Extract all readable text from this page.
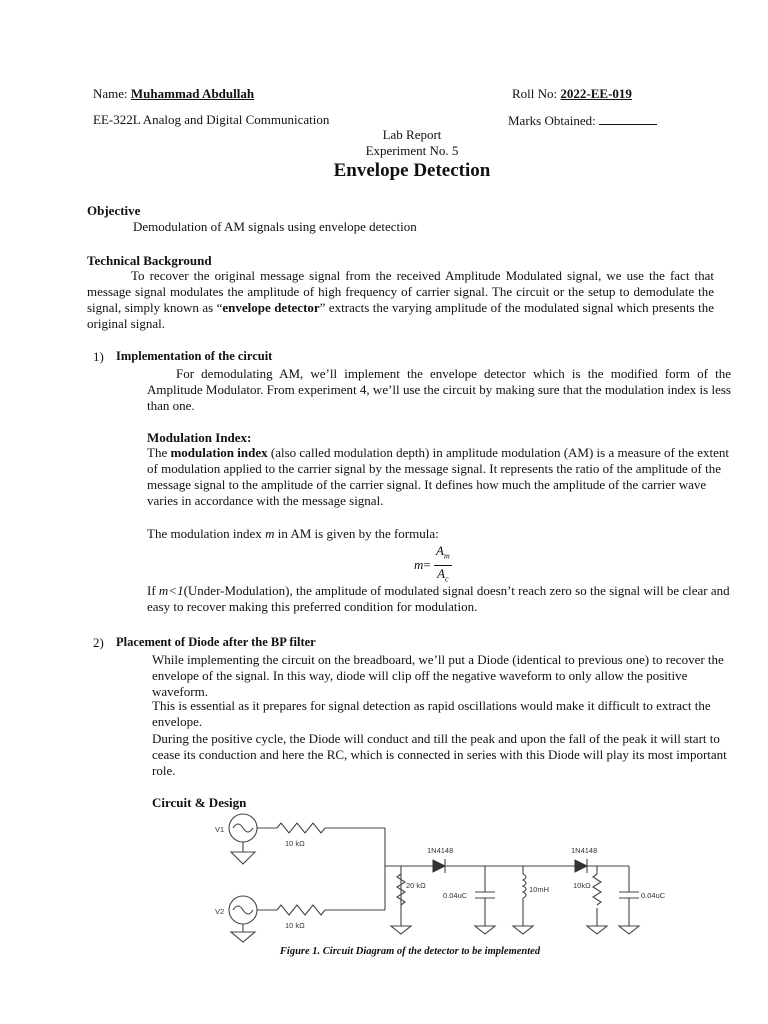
Name: Muhammad Abdullah	Roll No: 2022-EE-019
EE-322L Analog and Digital Communication	Marks Obtained:
Lab Report
Experiment No. 5
Envelope Detection
Objective
Demodulation of AM signals using envelope detection
Technical Background
To recover the original message signal from the received Amplitude Modulated signal, we use the fact that message signal modulates the amplitude of high frequency of carrier signal. The circuit or the setup to demodulate the signal, simply known as “envelope detector” extracts the varying amplitude of the modulated signal which presents the original signal.
1) Implementation of the circuit
For demodulating AM, we’ll implement the envelope detector which is the modified form of the Amplitude Modulator. From experiment 4, we’ll use the circuit by making sure that the modulation index is less than one.
Modulation Index:
The modulation index (also called modulation depth) in amplitude modulation (AM) is a measure of the extent of modulation applied to the carrier signal by the message signal. It represents the ratio of the amplitude of the message signal to the amplitude of the carrier signal. It defines how much the amplitude of the carrier wave varies in accordance with the message signal.
The modulation index m in AM is given by the formula:
$m= \frac{A_m}{A_c}$
If m<1(Under-Modulation), the amplitude of modulated signal doesn’t reach zero so the signal will be clear and easy to recover making this preferred condition for modulation.
2) Placement of Diode after the BP filter
While implementing the circuit on the breadboard, we’ll put a Diode (identical to previous one) to recover the envelope of the signal. In this way, diode will clip off the negative waveform to only allow the positive waveform.
This is essential as it prepares for signal detection as rapid oscillations would make it difficult to extract the envelope.
During the positive cycle, the Diode will conduct and till the peak and upon the fall of the peak it will start to cease its conduction and here the RC, which is connected in series with this Diode will play its most important role.
Circuit & Design
V1
10 kΩ
V2
10 kΩ
20 kΩ
1N4148
0.04uC
10mH
1N4148
10kΩ
0.04uC
Figure 1. Circuit Diagram of the detector to be implemented
